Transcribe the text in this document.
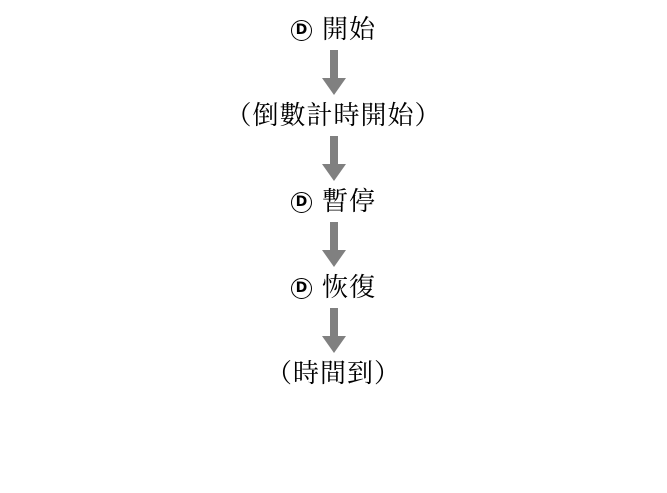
D 開始
（倒數計時開始）
D 暫停
D 恢復
（時間到）
